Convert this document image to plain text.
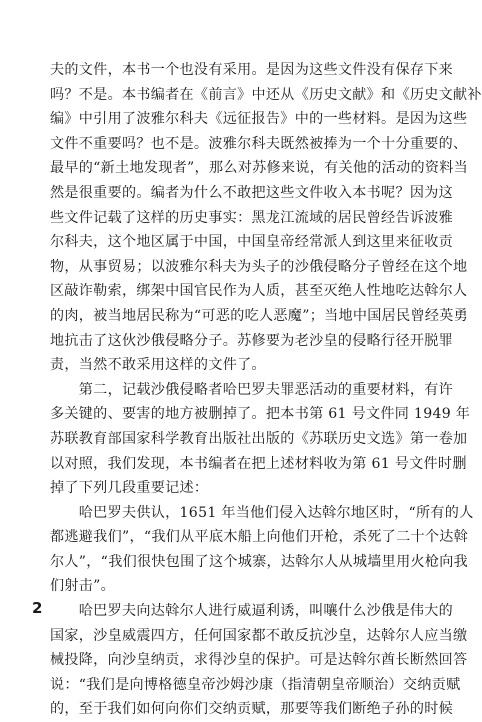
夫的文件，本书一个也没有采用。是因为这些文件没有保存下来
吗？不是。本书编者在《前言》中还从《历史文献》和《历史文献补
编》中引用了波雅尔科夫《远征报告》中的一些材料。是因为这些
文件不重要吗？也不是。波雅尔科夫既然被捧为一个十分重要的、
最早的“新土地发现者”，那么对苏修来说，有关他的活动的资料当
然是很重要的。编者为什么不敢把这些文件收入本书呢？因为这
些文件记载了这样的历史事实：黑龙江流域的居民曾经告诉波雅
尔科夫，这个地区属于中国，中国皇帝经常派人到这里来征收贡
物，从事贸易；以波雅尔科夫为头子的沙俄侵略分子曾经在这个地
区敲诈勒索，绑架中国官民作为人质，甚至灭绝人性地吃达斡尔人
的肉，被当地居民称为“可恶的吃人恶魔”；当地中国居民曾经英勇
地抗击了这伙沙俄侵略分子。苏修要为老沙皇的侵略行径开脱罪
责，当然不敢采用这样的文件了。
　　第二，记载沙俄侵略者哈巴罗夫罪恶活动的重要材料，有许
多关键的、要害的地方被删掉了。把本书第 61 号文件同 1949 年
苏联教育部国家科学教育出版社出版的《苏联历史文选》第一卷加
以对照，我们发现，本书编者在把上述材料收为第 61 号文件时删
掉了下列几段重要记述：
　　哈巴罗夫供认，1651 年当他们侵入达斡尔地区时，“所有的人
都逃避我们”，“我们从平底木船上向他们开枪，杀死了二十个达斡
尔人”，“我们很快包围了这个城寨，达斡尔人从城墙里用火枪向我
们射击”。
　　哈巴罗夫向达斡尔人进行威逼利诱，叫嚷什么沙俄是伟大的
国家，沙皇威震四方，任何国家都不敢反抗沙皇，达斡尔人应当缴
械投降，向沙皇纳贡，求得沙皇的保护。可是达斡尔酋长断然回答
说：“我们是向博格德皇帝沙姆沙康（指清朝皇帝顺治）交纳贡赋
的，至于我们如何向你们交纳贡赋，那要等我们断绝子孙的时候
2
